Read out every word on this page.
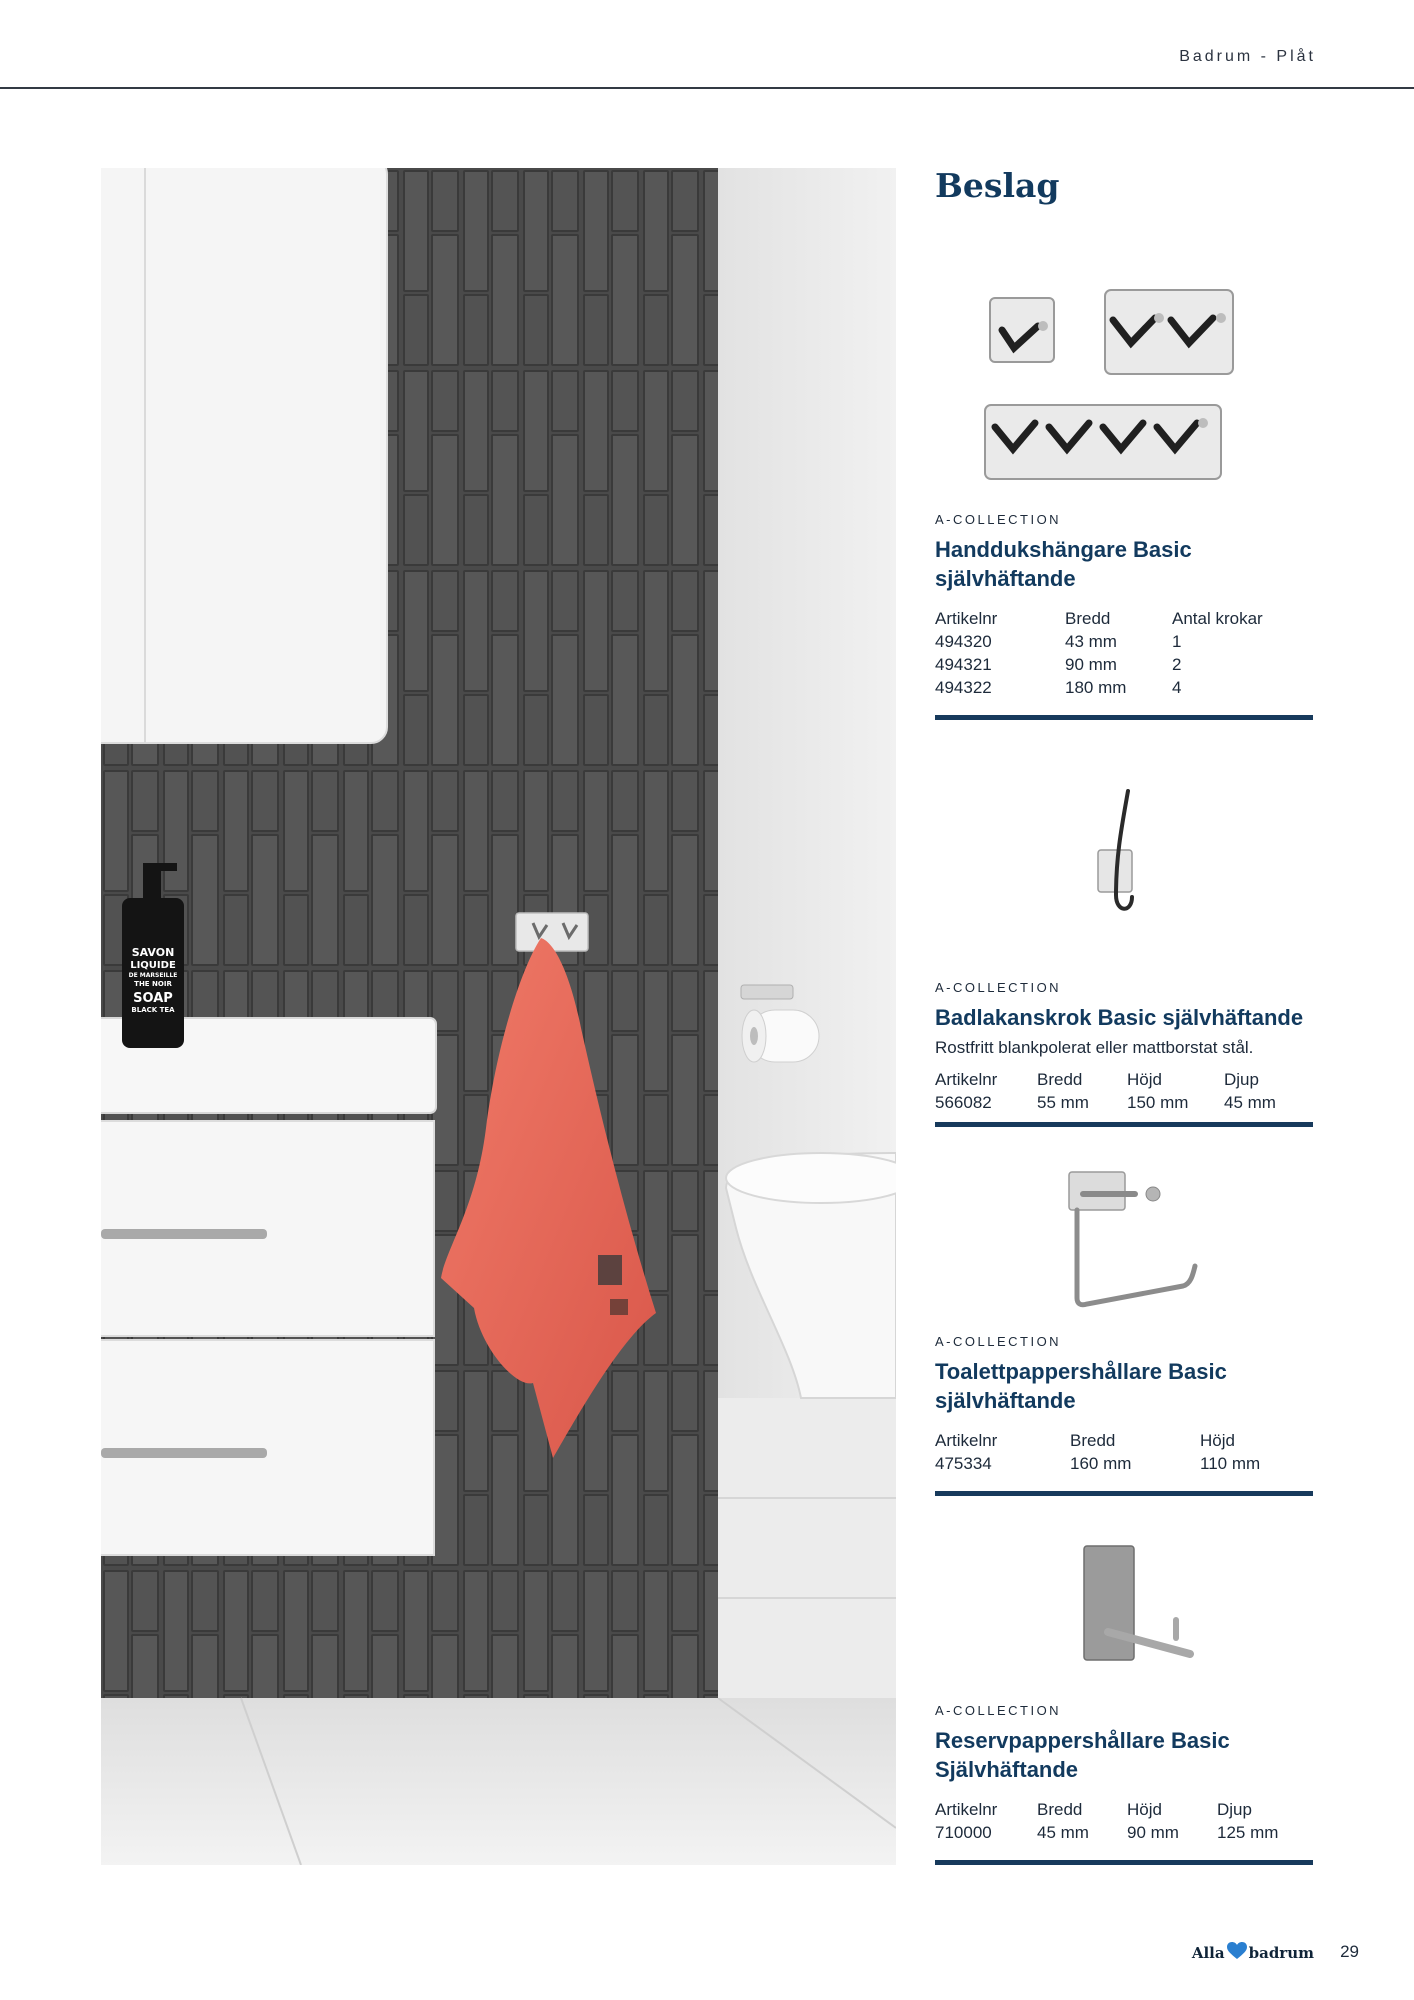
Badrum - Plåt
SAVON
LIQUIDE
DE MARSEILLE
THE NOIR
SOAP
BLACK TEA
Beslag
A-COLLECTION
Handdukshängare Basic
självhäftande
Artikelnr	Bredd	Antal krokar
494320	43 mm	1
494321	90 mm	2
494322	180 mm	4
A-COLLECTION
Badlakanskrok Basic självhäftande
Rostfritt blankpolerat eller mattborstat stål.
Artikelnr	Bredd	Höjd	Djup
566082	55 mm	150 mm	45 mm
A-COLLECTION
Toalettpappershållare Basic
självhäftande
Artikelnr	Bredd	Höjd
475334	160 mm	110 mm
A-COLLECTION
Reservpappershållare Basic
Självhäftande
Artikelnr	Bredd	Höjd	Djup
710000	45 mm	90 mm	125 mm
Alla badrum 29
